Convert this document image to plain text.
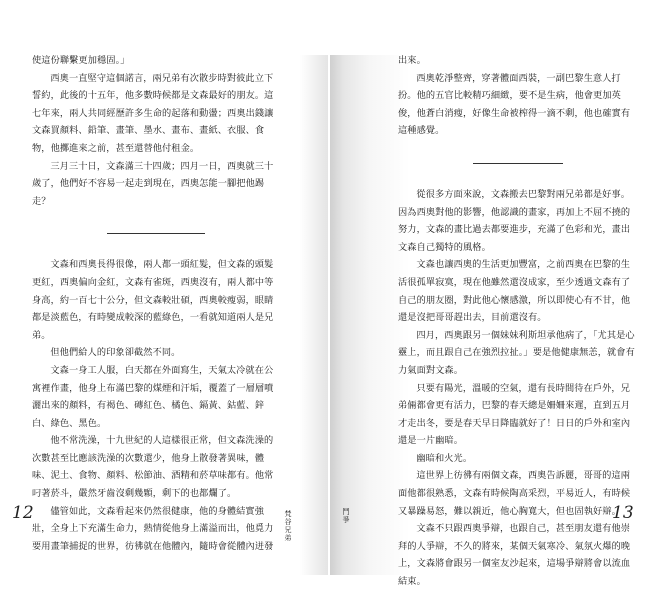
使這份聯繫更加穩固。」

西奧一直堅守這個諾言，兩兄弟有次散步時對彼此立下誓約，此後的十五年，他多數時候都是文森最好的朋友。這七年來，兩人共同經歷許多生命的起落和動盪；西奧出錢讓文森買顏料、鉛筆、畫筆、墨水、畫布、畫紙、衣服、食物，他擲進來之前，甚至還替他付租金。

三月三十日，文森滿三十四歲；四月一日，西奧就三十歲了，他們好不容易一起走到現在，西奧怎能一腳把他踢走？

文森和西奧長得很像，兩人都一頭紅髮，但文森的頭髮更紅，西奧偏向金紅，文森有雀斑，西奧沒有，兩人都中等身高，約一百七十公分，但文森較壯碩，西奧較瘦弱，眼睛都是淡藍色，有時變成較深的藍綠色，一看就知道兩人是兄弟。

但他們給人的印象卻截然不同。

文森一身工人服，白天都在外面寫生，天氣太冷就在公寓裡作畫，他身上布滿巴黎的煤煙和汗垢，覆蓋了一層層噴灑出來的顏料，有褐色、磚紅色、橘色、鎘黃、鈷藍、鋅白、綠色、黑色。

他不常洗澡，十九世紀的人這樣很正常，但文森洗澡的次數甚至比應該洗澡的次數還少，他身上散發著異味，體味、泥土、食物、顏料、松節油、酒精和菸草味都有。他常叼著菸斗，嚴然牙齒沒剩幾顆，剩下的也都爛了。

儘管如此，文森看起來仍然很健康，他的身體結實強壯，全身上下充滿生命力，熱情從他身上滿溢而出，他覓力要用畫筆捕捉的世界，彷彿就在他體內，隨時會從體內迸發

出來。

西奧乾淨整齊，穿著體面西裝，一副巴黎生意人打扮。他的五官比較精巧細緻，要不是生病，他會更加英俊，他蒼白消瘦，好像生命被榨得一滴不剩，他也確實有這種感覺。

從很多方面來說，文森搬去巴黎對兩兄弟都是好事。因為西奧對他的影響，他認識的畫家，再加上不屈不撓的努力，文森的畫比過去都要進步，充滿了色彩和光，畫出文森自己獨特的風格。

文森也讓西奧的生活更加豐富，之前西奧在巴黎的生活很孤單寂寞，現在他雖然還沒成家，至少透過文森有了自己的朋友圈，對此他心懷感激，所以即使心有不甘，他還是沒把哥哥趕出去，目前還沒有。

四月，西奧跟另一個妹妹利斯坦承他病了，「尤其是心靈上，而且跟自己在強烈拉扯。」要是他健康無恙，就會有力氣面對文森。

只要有陽光，溫暖的空氣，還有長時間待在戶外，兄弟倆都會更有活力，巴黎的春天總是姍姍來遲，直到五月才走出冬，要是春天早日降臨就好了！日日的戶外和室內還是一片幽暗。

幽暗和火光。

這世界上彷彿有兩個文森，西奧告訴麗，哥哥的這兩面他都很熟悉，文森有時候陶高采烈，平易近人，有時候又暴躁易怒，難以親近，他心胸寬大，但也固執好辯。

文森不只跟西奧爭辯，也跟自己，甚至朋友還有他崇拜的人爭辯，不久的將來，某個天氣寒冷、氣氛火爆的晚上，文森將會跟另一個室友沙起來，這場爭辯將會以流血結束。

12	13
梵谷兄弟
鬥爭
